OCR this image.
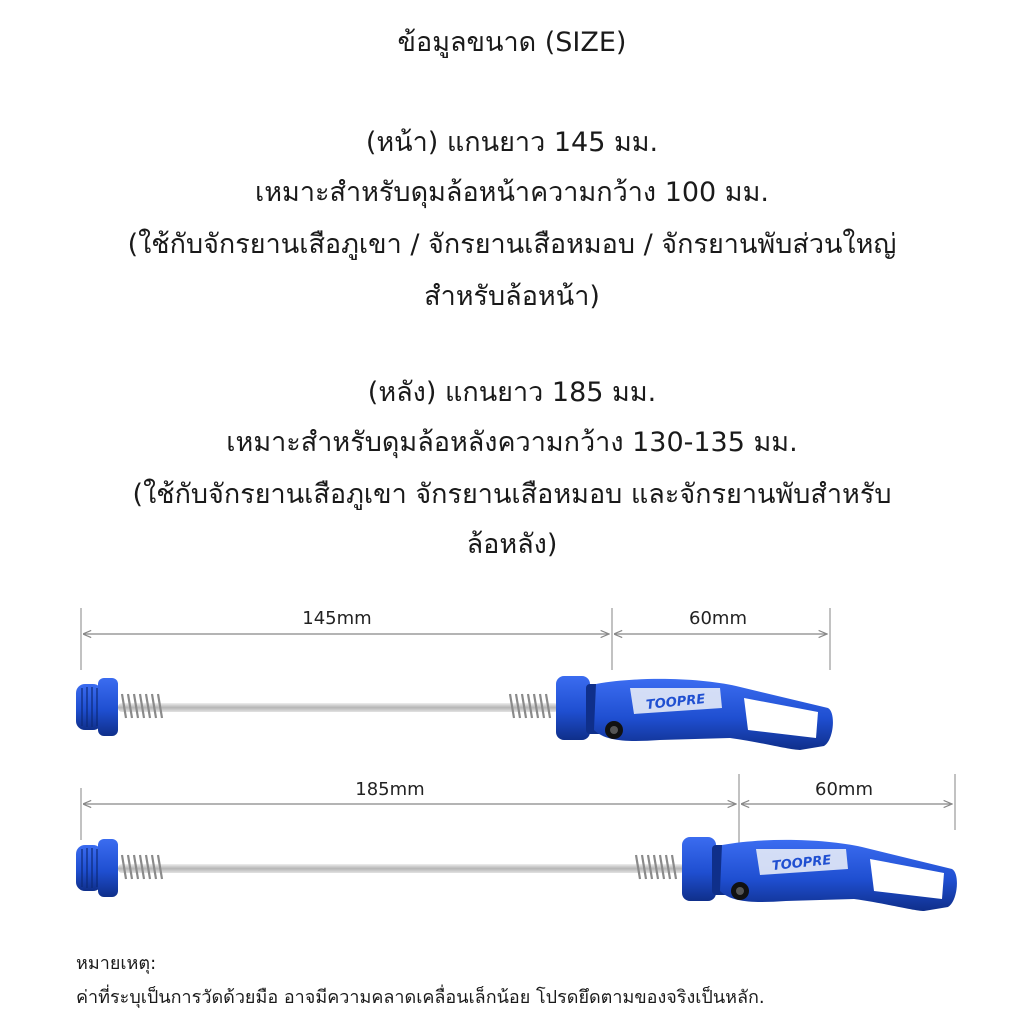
ข้อมูลขนาด (SIZE)
(หน้า) แกนยาว 145 มม.
เหมาะสำหรับดุมล้อหน้าความกว้าง 100 มม.
(ใช้กับจักรยานเสือภูเขา / จักรยานเสือหมอบ / จักรยานพับส่วนใหญ่
สำหรับล้อหน้า)
(หลัง) แกนยาว 185 มม.
เหมาะสำหรับดุมล้อหลังความกว้าง 130-135 มม.
(ใช้กับจักรยานเสือภูเขา จักรยานเสือหมอบ และจักรยานพับสำหรับ
ล้อหลัง)
145mm	60mm
TOOPRE
185mm	60mm
TOOPRE
หมายเหตุ:
ค่าที่ระบุเป็นการวัดด้วยมือ อาจมีความคลาดเคลื่อนเล็กน้อย โปรดยึดตามของจริงเป็นหลัก.
